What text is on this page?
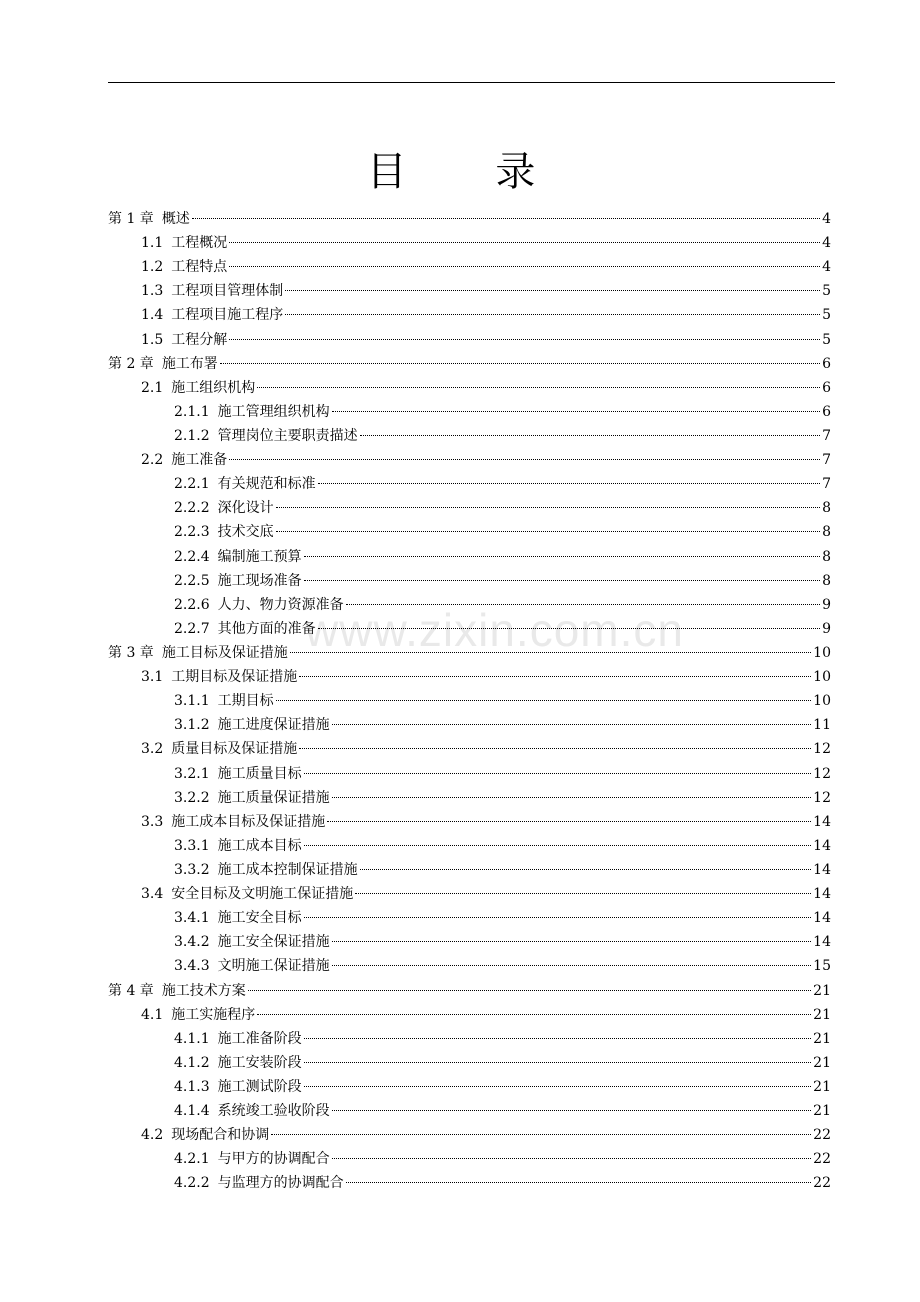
目 录
www.zixin.com.cn
第 1 章 概述	4
1.1 工程概况	4
1.2 工程特点	4
1.3 工程项目管理体制	5
1.4 工程项目施工程序	5
1.5 工程分解	5
第 2 章 施工布署	6
2.1 施工组织机构	6
2.1.1 施工管理组织机构	6
2.1.2 管理岗位主要职责描述	7
2.2 施工准备	7
2.2.1 有关规范和标准	7
2.2.2 深化设计	8
2.2.3 技术交底	8
2.2.4 编制施工预算	8
2.2.5 施工现场准备	8
2.2.6 人力、物力资源准备	9
2.2.7 其他方面的准备	9
第 3 章 施工目标及保证措施	10
3.1 工期目标及保证措施	10
3.1.1 工期目标	10
3.1.2 施工进度保证措施	11
3.2 质量目标及保证措施	12
3.2.1 施工质量目标	12
3.2.2 施工质量保证措施	12
3.3 施工成本目标及保证措施	14
3.3.1 施工成本目标	14
3.3.2 施工成本控制保证措施	14
3.4 安全目标及文明施工保证措施	14
3.4.1 施工安全目标	14
3.4.2 施工安全保证措施	14
3.4.3 文明施工保证措施	15
第 4 章 施工技术方案	21
4.1 施工实施程序	21
4.1.1 施工准备阶段	21
4.1.2 施工安装阶段	21
4.1.3 施工测试阶段	21
4.1.4 系统竣工验收阶段	21
4.2 现场配合和协调	22
4.2.1 与甲方的协调配合	22
4.2.2 与监理方的协调配合	22
